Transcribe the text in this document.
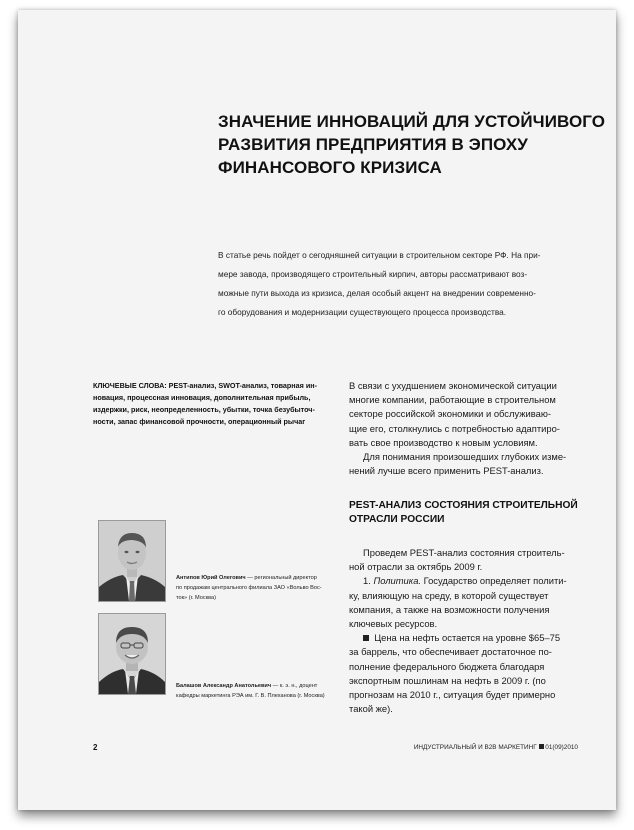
ЗНАЧЕНИЕ ИННОВАЦИЙ ДЛЯ УСТОЙЧИВОГО
РАЗВИТИЯ ПРЕДПРИЯТИЯ В ЭПОХУ
ФИНАНСОВОГО КРИЗИСА
В статье речь пойдет о сегодняшней ситуации в строительном секторе РФ. На при-
мере завода, производящего строительный кирпич, авторы рассматривают воз-
можные пути выхода из кризиса, делая особый акцент на внедрении современно-
го оборудования и модернизации существующего процесса производства.
КЛЮЧЕВЫЕ СЛОВА: PEST-анализ, SWOT-анализ, товарная ин-
новация, процессная инновация, дополнительная прибыль,
издержки, риск, неопределенность, убытки, точка безубыточ-
ности, запас финансовой прочности, операционный рычаг
В связи с ухудшением экономической ситуации
многие компании, работающие в строительном
секторе российской экономики и обслуживаю-
щие его, столкнулись с потребностью адаптиро-
вать свое производство к новым условиям.
Для понимания произошедших глубоких изме-
нений лучше всего применить PEST-анализ.
PEST-АНАЛИЗ СОСТОЯНИЯ СТРОИТЕЛЬНОЙ
ОТРАСЛИ РОССИИ
Проведем PEST-анализ состояния строитель-
ной отрасли за октябрь 2009 г.
1. Политика. Государство определяет полити-
ку, влияющую на среду, в которой существует
компания, а также на возможности получения
ключевых ресурсов.
Цена на нефть остается на уровне $65–75
за баррель, что обеспечивает достаточное по-
полнение федерального бюджета благодаря
экспортным пошлинам на нефть в 2009 г. (по
прогнозам на 2010 г., ситуация будет примерно
такой же).
Антипов Юрий Олегович — региональный директор
по продажам центрального филиала ЗАО «Вольво Вос-
ток» (г. Москва)
Балашов Александр Анатольевич — к. э. н., доцент
кафедры маркетинга РЭА им. Г. В. Плеханова (г. Москва)
2	ИНДУСТРИАЛЬНЫЙ И B2B МАРКЕТИНГ 01(09)2010
